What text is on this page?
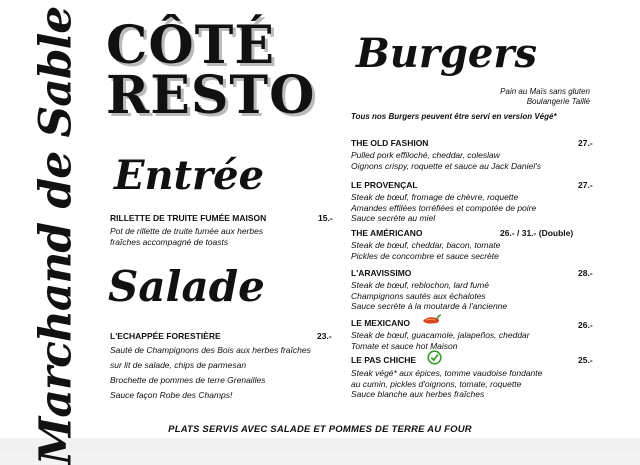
Marchand de Sable CÔTÉ
RESTO
Entrée
RILLETTE DE TRUITE FUMÉE MAISON	15.-
Pot de rillette de truite fumée aux herbes
fraîches accompagné de toasts
Salade
L'ECHAPPÉE FORESTIÈRE	23.-
Sauté de Champignons des Bois aux herbes fraîches
sur lit de salade, chips de parmesan
Brochette de pommes de terre Grenailles
Sauce façon Robe des Champs!
Burgers
Pain au Maïs sans gluten
Boulangerie Taillé
Tous nos Burgers peuvent être servi en version Végé*
THE OLD FASHION	27.-
Pulled pork effiloché, cheddar, coleslaw
Oignons crispy, roquette et sauce au Jack Daniel's
LE PROVENÇAL	27.-
Steak de bœuf, fromage de chèvre, roquette
Amandes effilées torréfiées et compotée de poire
Sauce secrète au miel
THE AMÉRICANO	26.- / 31.- (Double)
Steak de bœuf, cheddar, bacon, tomate
Pickles de concombre et sauce secrète
L'ARAVISSIMO	28.-
Steak de bœuf, reblochon, lard fumé
Champignons sautés aux échalotes
Sauce secrète à la moutarde à l'ancienne
LE MEXICANO	26.-
Steak de bœuf, guacamole, jalapeños, cheddar
Tomate et sauce hot Maison
LE PAS CHICHE	25.-
Steak végé* aux épices, tomme vaudoise fondante
au cumin, pickles d'oignons, tomate, roquette
Sauce blanche aux herbes fraîches
PLATS SERVIS AVEC SALADE ET POMMES DE TERRE AU FOUR
